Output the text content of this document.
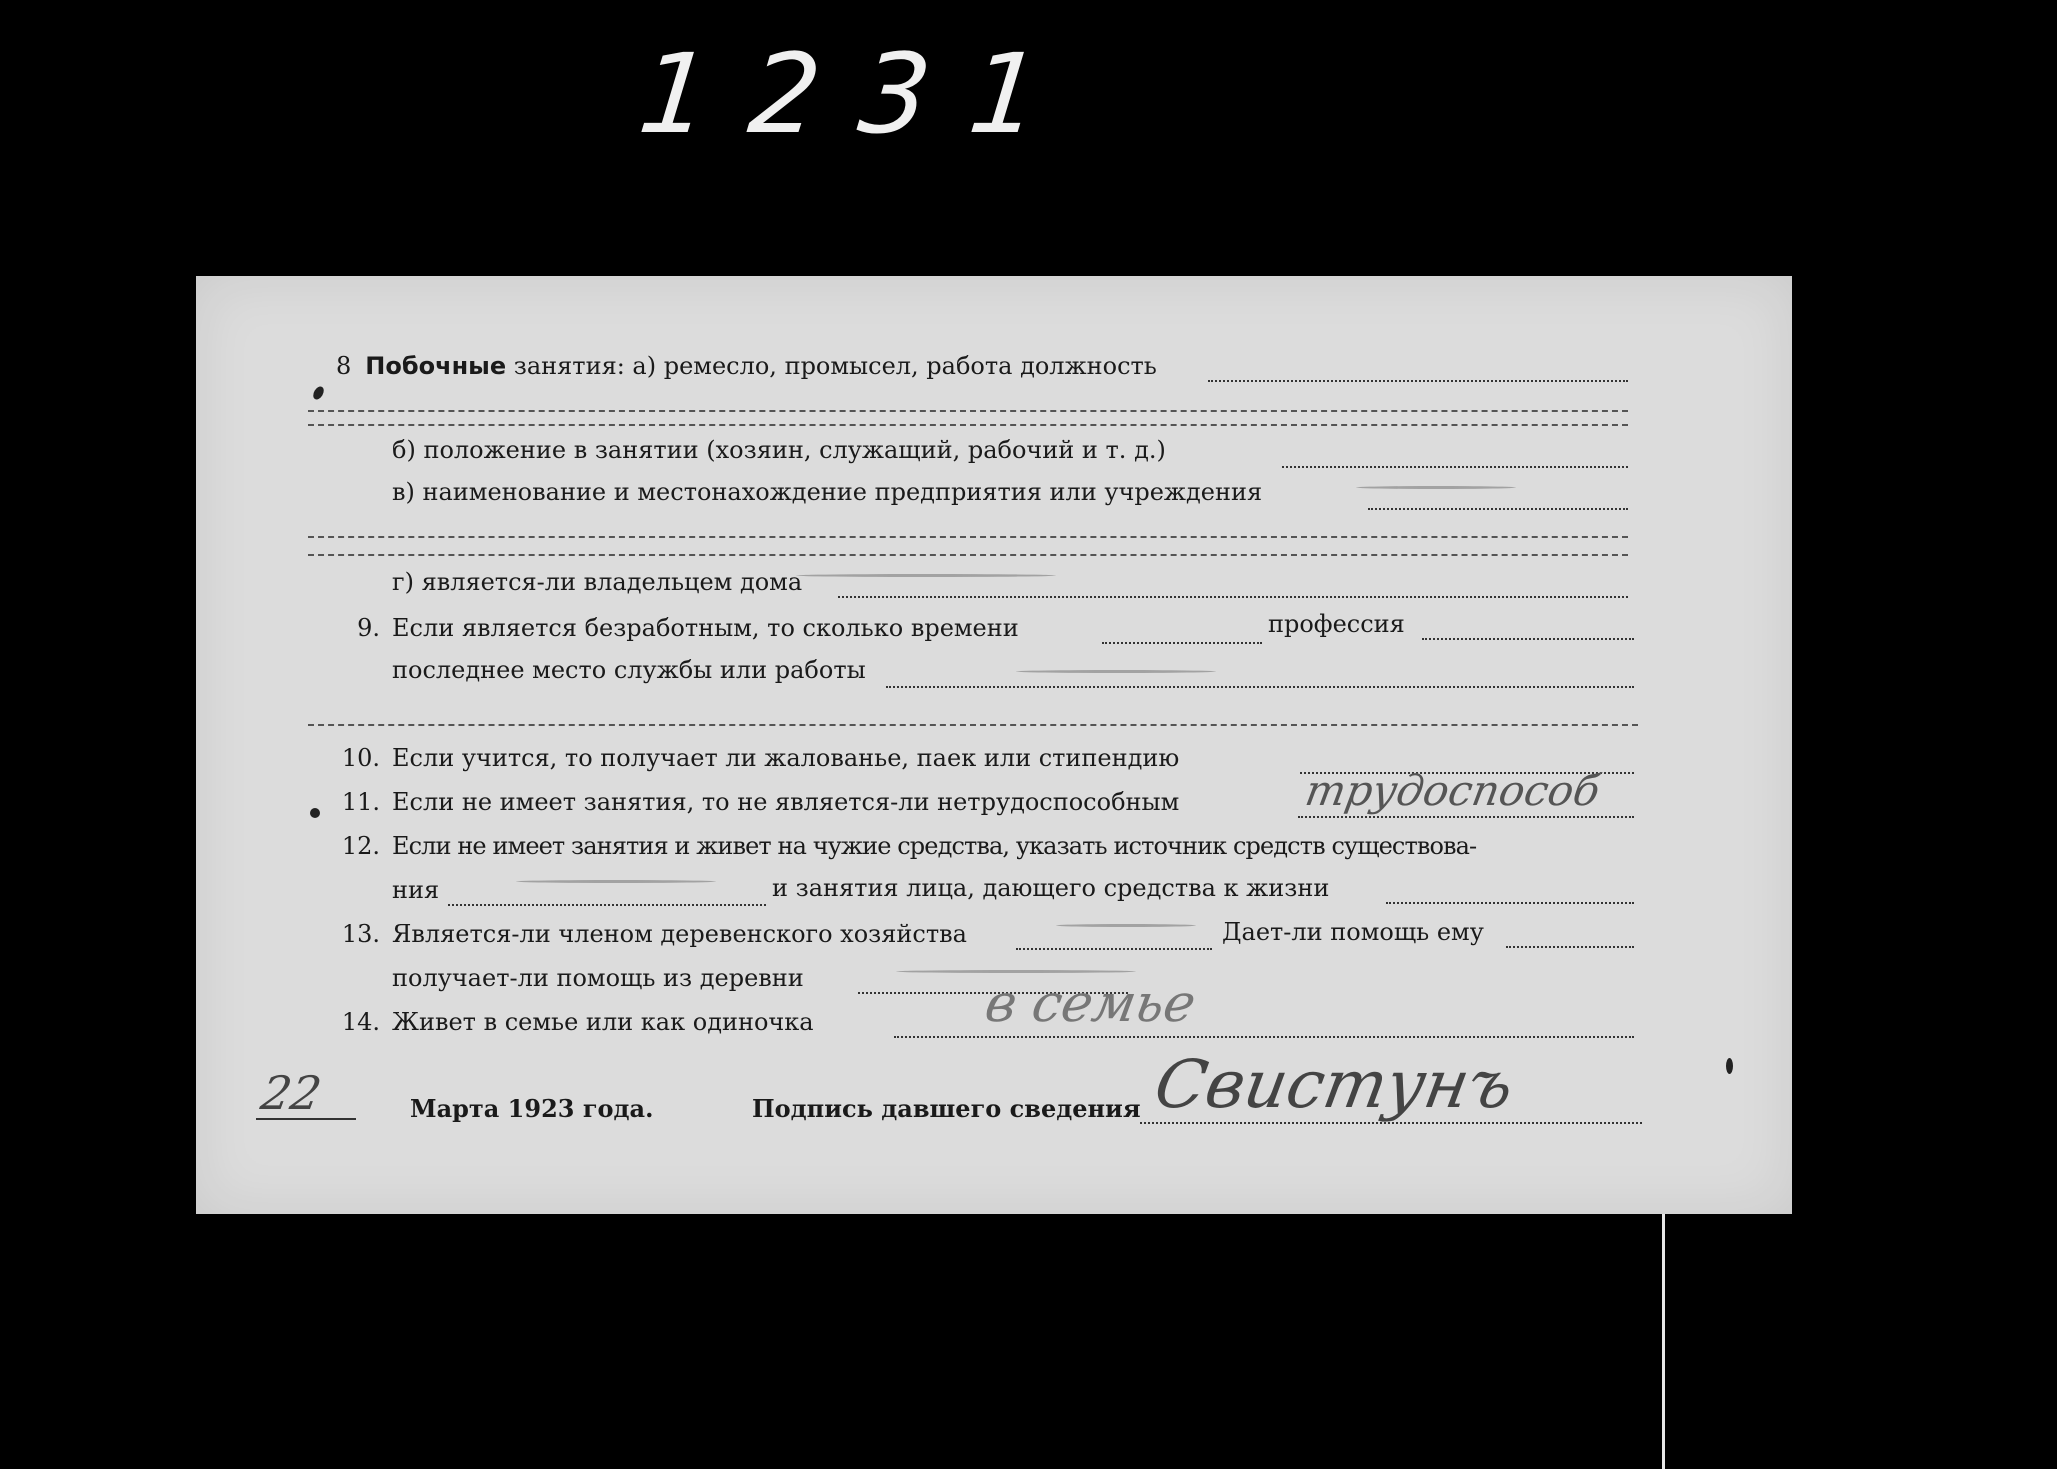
1231
8 Побочные занятия: а) ремесло, промысел, работа должность
б) положение в занятии (хозяин, служащий, рабочий и т. д.)
в) наименование и местонахождение предприятия или учреждения
г) является-ли владельцем дома
9. Если является безработным, то сколько времени	профессия
последнее место службы или работы
10. Если учится, то получает ли жалованье, паек или стипендию
11. Если не имеет занятия, то не является-ли нетрудоспособным	трудоспособ
12. Если не имеет занятия и живет на чужие средства, указать источник средств существова-
ния	и занятия лица, дающего средства к жизни
13. Является-ли членом деревенского хозяйства	Дает-ли помощь ему
получает-ли помощь из деревни
14. Живет в семье или как одиночка	в семье
22	Марта 1923 года.	Подпись давшего сведения Свистунъ
